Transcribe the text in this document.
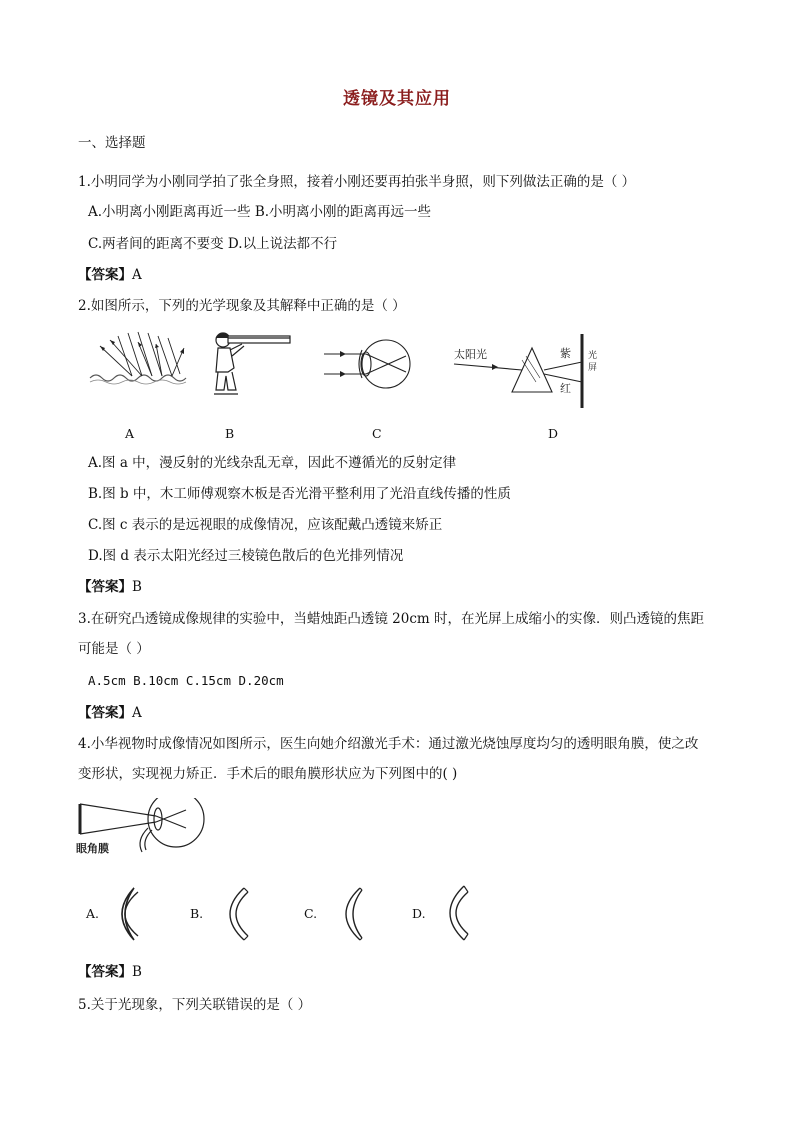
透镜及其应用
一、选择题
1.小明同学为小刚同学拍了张全身照，接着小刚还要再拍张半身照，则下列做法正确的是（ ）
A.小明离小刚距离再近一些 B.小明离小刚的距离再远一些
C.两者间的距离不要变 D.以上说法都不行
【答案】A
2.如图所示，下列的光学现象及其解释中正确的是（ ）
太阳光	紫
红
光
屏
A	B	C	D
A.图 a 中，漫反射的光线杂乱无章，因此不遵循光的反射定律
B.图 b 中，木工师傅观察木板是否光滑平整利用了光沿直线传播的性质
C.图 c 表示的是远视眼的成像情况，应该配戴凸透镜来矫正
D.图 d 表示太阳光经过三棱镜色散后的色光排列情况
【答案】B
3.在研究凸透镜成像规律的实验中，当蜡烛距凸透镜 20cm 时，在光屏上成缩小的实像．则凸透镜的焦距
可能是（ ）
A.5cm B.10cm C.15cm D.20cm
【答案】A
4.小华视物时成像情况如图所示，医生向她介绍激光手术：通过激光烧蚀厚度均匀的透明眼角膜，使之改
变形状，实现视力矫正．手术后的眼角膜形状应为下列图中的( )
眼角膜
A.	B.	C.	D.
【答案】B
5.关于光现象，下列关联错误的是（ ）
